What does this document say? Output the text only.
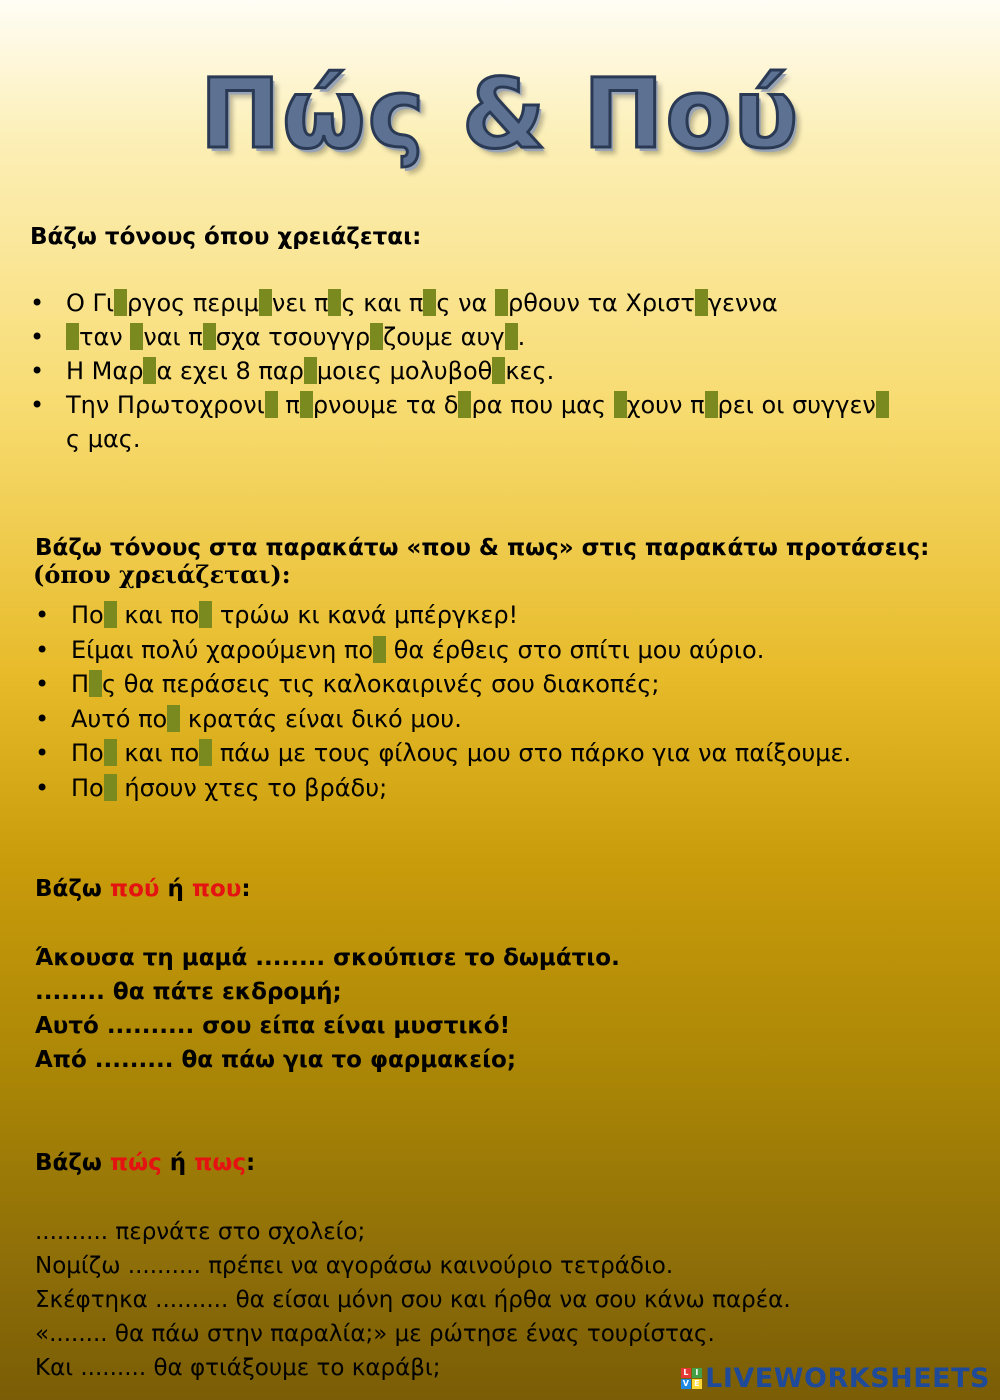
Πώς & Πού
Βάζω τόνους όπου χρειάζεται:
• Ο Γι ργος περιμ νει π ς και π ς να ρθουν τα Χριστ γεννα
• ταν ναι π σχα τσουγγρ ζουμε αυγ .
• Η Μαρ α εχει 8 παρ μοιες μολυβοθ κες.
• Την Πρωτοχρονι π ρνουμε τα δ ρα που μας χουν π ρει οι συγγενς μας.
Βάζω τόνους στα παρακάτω «που & πως» στις παρακάτω προτάσεις:
(όπου χρειάζεται):
• Πο και πο τρώω κι κανά μπέργκερ!
• Είμαι πολύ χαρούμενη πο θα έρθεις στο σπίτι μου αύριο.
• Π ς θα περάσεις τις καλοκαιρινές σου διακοπές;
• Αυτό πο κρατάς είναι δικό μου.
• Πο και πο πάω με τους φίλους μου στο πάρκο για να παίξουμε.
• Πο ήσουν χτες το βράδυ;
Βάζω πού ή που:
Άκουσα τη μαμά ........ σκούπισε το δωμάτιο.
........ θα πάτε εκδρομή;
Αυτό .......... σου είπα είναι μυστικό!
Από ......... θα πάω για το φαρμακείο;
Βάζω πώς ή πως:
.......... περνάτε στο σχολείο;
Νομίζω .......... πρέπει να αγοράσω καινούριο τετράδιο.
Σκέφτηκα .......... θα είσαι μόνη σου και ήρθα να σου κάνω παρέα.
«........ θα πάω στην παραλία;» με ρώτησε ένας τουρίστας.
Και ......... θα φτιάξουμε το καράβι;	L I
V E LIVEWORKSHEETS
